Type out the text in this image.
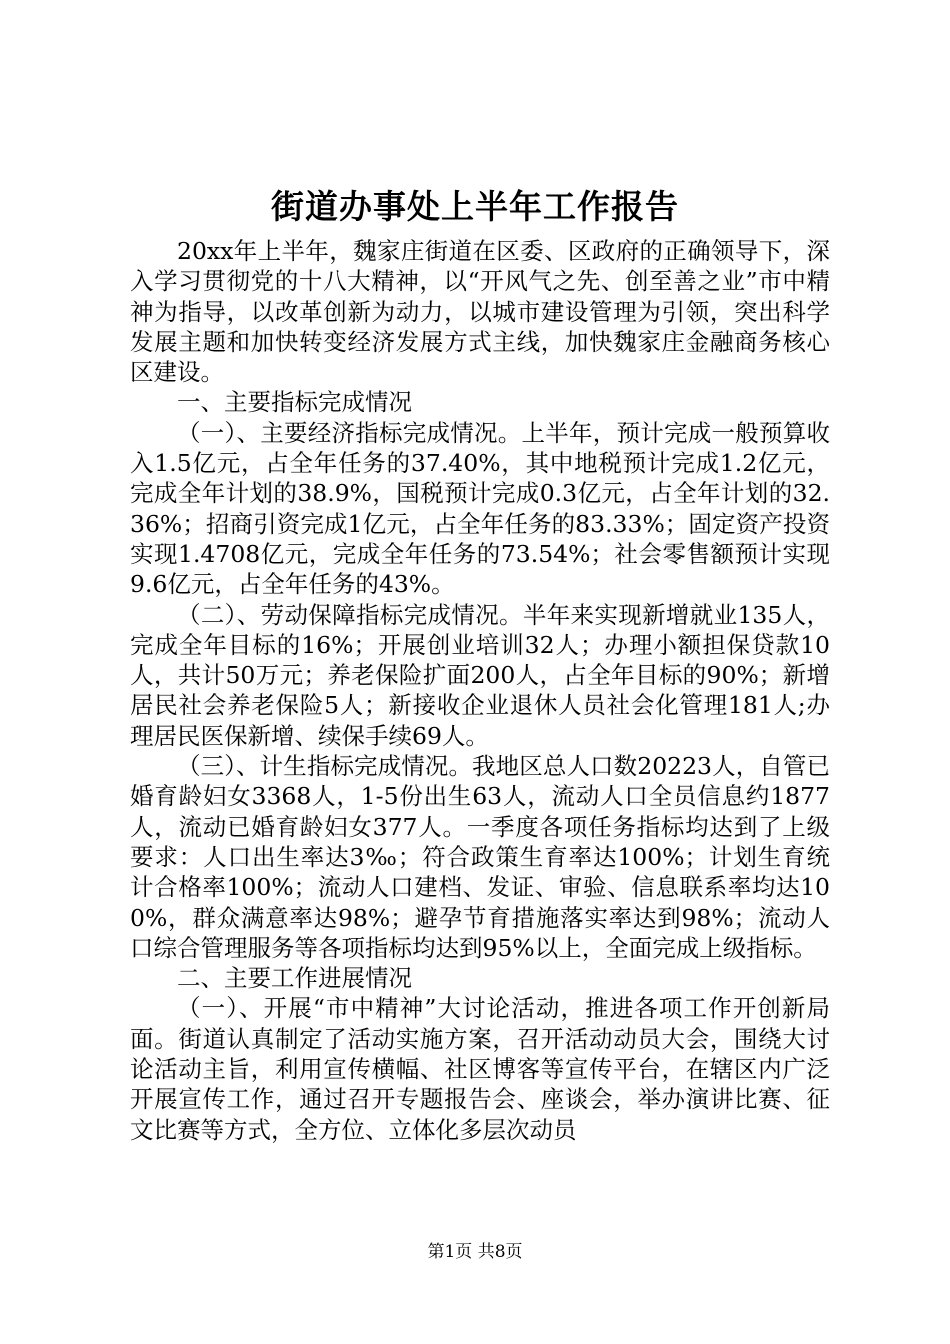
街道办事处上半年工作报告

20xx年上半年，魏家庄街道在区委、区政府的正确领导下，深入学习贯彻党的十八大精神，以“开风气之先、创至善之业”市中精神为指导，以改革创新为动力，以城市建设管理为引领，突出科学发展主题和加快转变经济发展方式主线，加快魏家庄金融商务核心区建设。

一、主要指标完成情况

（一）、主要经济指标完成情况。上半年，预计完成一般预算收入1.5亿元，占全年任务的37.40%，其中地税预计完成1.2亿元，完成全年计划的38.9%，国税预计完成0.3亿元，占全年计划的32.36%；招商引资完成1亿元，占全年任务的83.33%；固定资产投资实现1.4708亿元，完成全年任务的73.54%；社会零售额预计实现9.6亿元，占全年任务的43%。

（二）、劳动保障指标完成情况。半年来实现新增就业135人，完成全年目标的16%；开展创业培训32人；办理小额担保贷款10人，共计50万元；养老保险扩面200人，占全年目标的90%；新增居民社会养老保险5人；新接收企业退休人员社会化管理181人;办理居民医保新增、续保手续69人。

（三）、计生指标完成情况。我地区总人口数20223人，自管已婚育龄妇女3368人，1-5份出生63人，流动人口全员信息约1877人，流动已婚育龄妇女377人。一季度各项任务指标均达到了上级要求：人口出生率达3‰；符合政策生育率达100%；计划生育统计合格率100%；流动人口建档、发证、审验、信息联系率均达100%，群众满意率达98%；避孕节育措施落实率达到98%；流动人口综合管理服务等各项指标均达到95%以上，全面完成上级指标。

二、主要工作进展情况

（一）、开展“市中精神”大讨论活动，推进各项工作开创新局面。街道认真制定了活动实施方案，召开活动动员大会，围绕大讨论活动主旨，利用宣传横幅、社区博客等宣传平台，在辖区内广泛开展宣传工作，通过召开专题报告会、座谈会，举办演讲比赛、征文比赛等方式，全方位、立体化多层次动员

第1页 共8页
